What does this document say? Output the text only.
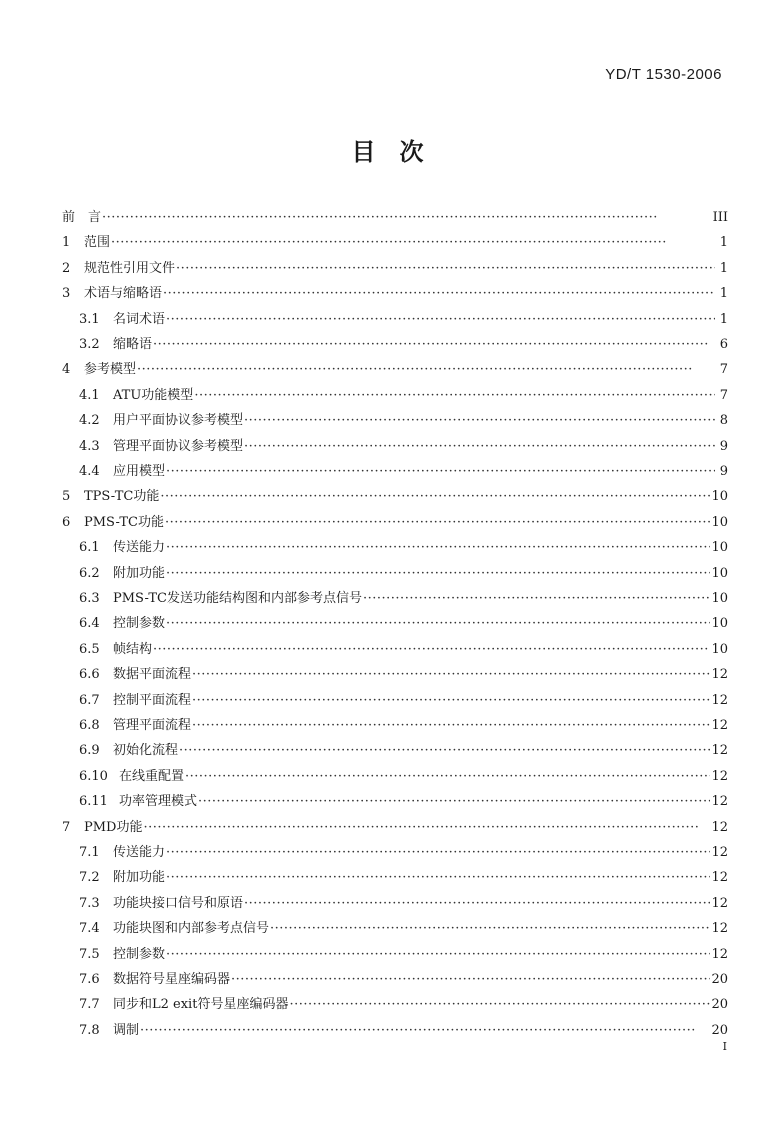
YD/T 1530-2006
目　次
前　言 ·····	III
1	范围 ·····	1
2	规范性引用文件 ·····	1
3	术语与缩略语 ·····	1
3.1	名词术语 ·····	1
3.2	缩略语 ·····	6
4	参考模型 ·····	7
4.1	ATU功能模型 ·····	7
4.2	用户平面协议参考模型 ·····	8
4.3	管理平面协议参考模型 ·····	9
4.4	应用模型 ·····	9
5	TPS-TC功能 ·····	10
6	PMS-TC功能 ·····	10
6.1	传送能力 ·····	10
6.2	附加功能 ·····	10
6.3	PMS-TC发送功能结构图和内部参考点信号 ·····	10
6.4	控制参数 ·····	10
6.5	帧结构 ·····	10
6.6	数据平面流程 ·····	12
6.7	控制平面流程 ·····	12
6.8	管理平面流程 ·····	12
6.9	初始化流程 ·····	12
6.10 在线重配置 ·····	12
6.11 功率管理模式 ·····	12
7	PMD功能 ·····	12
7.1	传送能力 ·····	12
7.2	附加功能 ·····	12
7.3	功能块接口信号和原语 ·····	12
7.4	功能块图和内部参考点信号 ·····	12
7.5	控制参数 ·····	12
7.6	数据符号星座编码器 ·····	20
7.7	同步和L2 exit符号星座编码器 ·····	20
7.8	调制 ·····	20
I
